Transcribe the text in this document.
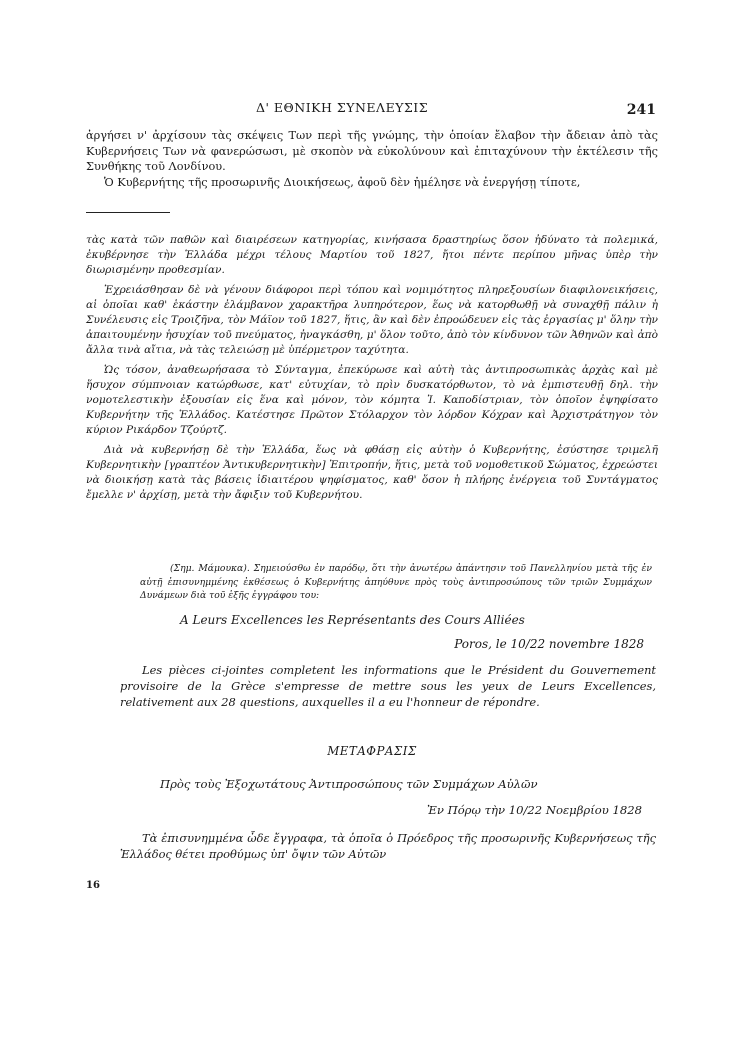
Δ' ΕΘΝΙΚΗ ΣΥΝΕΛΕΥΣΙΣ	241

ἀργήσει ν' ἀρχίσουν τὰς σκέψεις Των περὶ τῆς γνώμης, τὴν ὁποίαν ἔλαβον τὴν ἄδειαν ἀπὸ τὰς Κυβερνήσεις Των νὰ φανερώσωσι, μὲ σκοπὸν νὰ εὐκολύνουν καὶ ἐπιταχύνουν τὴν ἐκτέλεσιν τῆς Συνθήκης τοῦ Λονδίνου.

Ὁ Κυβερνήτης τῆς προσωρινῆς Διοικήσεως, ἀφοῦ δὲν ἠμέλησε νὰ ἐνεργήσῃ τίποτε,

τὰς κατὰ τῶν παθῶν καὶ διαιρέσεων κατηγορίας, κινήσασα δραστηρίως ὅσον ἠδύνατο τὰ πολεμικά, ἐκυβέρνησε τὴν Ἑλλάδα μέχρι τέλους Μαρτίου τοῦ 1827, ἤτοι πέντε περίπου μῆνας ὑπὲρ τὴν διωρισμένην προθεσμίαν.

Ἐχρειάσθησαν δὲ νὰ γένουν διάφοροι περὶ τόπου καὶ νομιμότητος πληρεξουσίων διαφιλονεικήσεις, αἱ ὁποῖαι καθ' ἑκάστην ἐλάμβανον χαρακτῆρα λυπηρότερον, ἕως νὰ κατορθωθῇ νὰ συναχθῇ πάλιν ἡ Συνέλευσις εἰς Τροιζῆνα, τὸν Μάϊον τοῦ 1827, ἥτις, ἂν καὶ δὲν ἐπροώδευεν εἰς τὰς ἐργασίας μ' ὅλην τὴν ἀπαιτουμένην ἡσυχίαν τοῦ πνεύματος, ἠναγκάσθη, μ' ὅλον τοῦτο, ἀπὸ τὸν κίνδυνον τῶν Ἀθηνῶν καὶ ἀπὸ ἄλλα τινὰ αἴτια, νὰ τὰς τελειώσῃ μὲ ὑπέρμετρον ταχύτητα.

Ὡς τόσον, ἀναθεωρήσασα τὸ Σύνταγμα, ἐπεκύρωσε καὶ αὐτὴ τὰς ἀντιπροσωπικὰς ἀρχὰς καὶ μὲ ἥσυχον σύμπνοιαν κατώρθωσε, κατ' εὐτυχίαν, τὸ πρὶν δυσκατόρθωτον, τὸ νὰ ἐμπιστευθῇ δηλ. τὴν νομοτελεστικὴν ἐξουσίαν εἰς ἕνα καὶ μόνον, τὸν κόμητα Ἰ. Καποδίστριαν, τὸν ὁποῖον ἐψηφίσατο Κυβερνήτην τῆς Ἑλλάδος. Κατέστησε Πρῶτον Στόλαρχον τὸν λόρδον Κόχραν καὶ Ἀρχιστράτηγον τὸν κύριον Ρικάρδον Τζούρτζ.

Διὰ νὰ κυβερνήσῃ δὲ τὴν Ἑλλάδα, ἕως νὰ φθάσῃ εἰς αὐτὴν ὁ Κυβερνήτης, ἐσύστησε τριμελῆ Κυβερνητικὴν [γραπτέον Ἀντικυβερνητικὴν] Ἐπιτροπήν, ἥτις, μετὰ τοῦ νομοθετικοῦ Σώματος, ἐχρεώστει νὰ διοικήσῃ κατὰ τὰς βάσεις ἰδιαιτέρου ψηφίσματος, καθ' ὅσον ἡ πλήρης ἐνέργεια τοῦ Συντάγματος ἔμελλε ν' ἀρχίσῃ, μετὰ τὴν ἄφιξιν τοῦ Κυβερνήτου.

(Σημ. Μάμουκα). Σημειούσθω ἐν παρόδῳ, ὅτι τὴν ἀνωτέρω ἀπάντησιν τοῦ Πανελληνίου μετὰ τῆς ἐν αὐτῇ ἐπισυνημμένης ἐκθέσεως ὁ Κυβερνήτης ἀπηύθυνε πρὸς τοὺς ἀντιπροσώπους τῶν τριῶν Συμμάχων Δυνάμεων διὰ τοῦ ἑξῆς ἐγγράφου του:

A Leurs Excellences les Représentants des Cours Alliées
Poros, le 10/22 novembre 1828

Les pièces ci-jointes completent les informations que le Président du Gouvernement provisoire de la Grèce s'empresse de mettre sous les yeux de Leurs Excellences, relativement aux 28 questions, auxquelles il a eu l'honneur de répondre.

ΜΕΤΑΦΡΑΣΙΣ
Πρὸς τοὺς Ἐξοχωτάτους Ἀντιπροσώπους τῶν Συμμάχων Αὐλῶν
Ἐν Πόρῳ τὴν 10/22 Νοεμβρίου 1828

Τὰ ἐπισυνημμένα ὧδε ἔγγραφα, τὰ ὁποῖα ὁ Πρόεδρος τῆς προσωρινῆς Κυβερνήσεως τῆς Ἑλλάδος θέτει προθύμως ὑπ' ὄψιν τῶν Αὐτῶν

16
